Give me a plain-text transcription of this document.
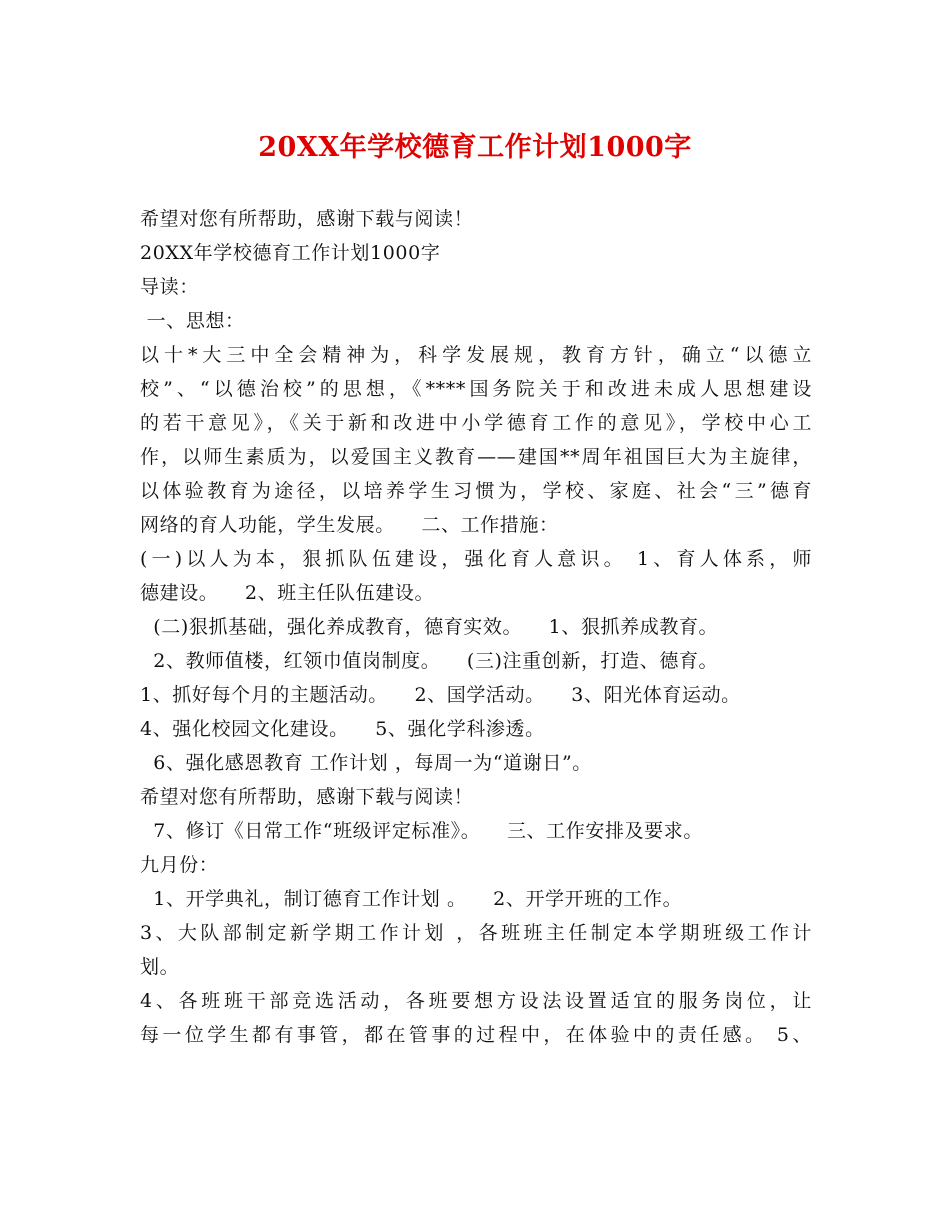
20XX年学校德育工作计划1000字
希望对您有所帮助，感谢下载与阅读！
20XX年学校德育工作计划1000字
导读：
一、思想：
以十*大三中全会精神为，科学发展规，教育方针，确立“以德立
校”、“以德治校”的思想，《****国务院关于和改进未成人思想建设
的若干意见》，《关于新和改进中小学德育工作的意见》，学校中心工
作，以师生素质为，以爱国主义教育——建国**周年祖国巨大为主旋律，
以体验教育为途径，以培养学生习惯为，学校、家庭、社会“三”德育
网络的育人功能，学生发展。    二、工作措施：
(一)以人为本，狠抓队伍建设，强化育人意识。 1、育人体系，师
德建设。    2、班主任队伍建设。
(二)狠抓基础，强化养成教育，德育实效。    1、狠抓养成教育。
2、教师值楼，红领巾值岗制度。    (三)注重创新，打造、德育。
1、抓好每个月的主题活动。    2、国学活动。    3、阳光体育运动。
4、强化校园文化建设。    5、强化学科渗透。
6、强化感恩教育 工作计划 ，每周一为“道谢日”。
希望对您有所帮助，感谢下载与阅读！
7、修订《日常工作“班级评定标准》。    三、工作安排及要求。
九月份：
1、开学典礼，制订德育工作计划 。    2、开学开班的工作。
3、大队部制定新学期工作计划 ，各班班主任制定本学期班级工作计
划。
4、各班班干部竞选活动，各班要想方设法设置适宜的服务岗位，让
每一位学生都有事管，都在管事的过程中，在体验中的责任感。 5、
